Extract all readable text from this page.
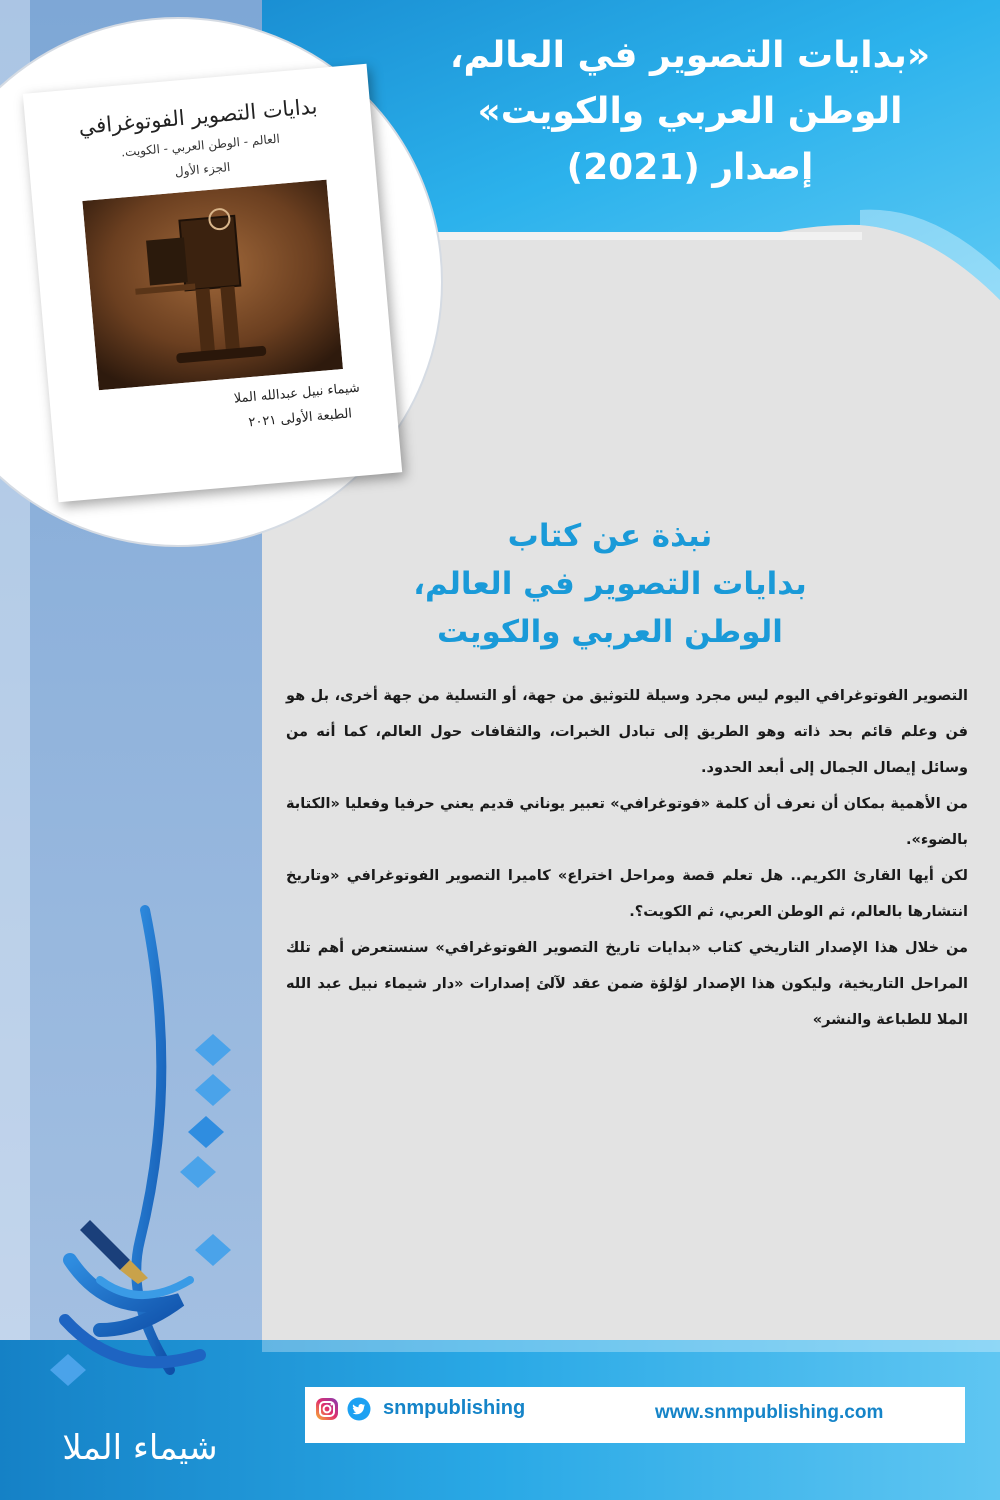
«بدايات التصوير في العالم،
الوطن العربي والكويت»
إصدار (2021)
بدايات التصوير الفوتوغرافي
العالم - الوطن العربي - الكويت.
الجزء الأول
شيماء نبيل عبدالله الملا
الطبعة الأولى ٢٠٢١
نبذة عن كتاب
بدايات التصوير في العالم،
الوطن العربي والكويت

التصوير الفوتوغرافي اليوم ليس مجرد وسيلة للتوثيق من جهة، أو التسلية من جهة أخرى، بل هو فن وعلم قائم بحد ذاته وهو الطريق إلى تبادل الخبرات، والثقافات حول العالم، كما أنه من وسائل إيصال الجمال إلى أبعد الحدود.

من الأهمية بمكان أن نعرف أن كلمة «فوتوغرافي» تعبير يوناني قديم يعني حرفيا وفعليا «الكتابة بالضوء».

لكن أيها القارئ الكريم.. هل تعلم قصة ومراحل اختراع» كاميرا التصوير الفوتوغرافي «وتاريخ انتشارها بالعالم، ثم الوطن العربي، ثم الكويت؟.

من خلال هذا الإصدار التاريخي كتاب «بدايات تاريخ التصوير الفوتوغرافي» سنستعرض أهم تلك المراحل التاريخية، وليكون هذا الإصدار لؤلؤة ضمن عقد لآلئ إصدارات «دار شيماء نبيل عبد الله الملا للطباعة والنشر»

شيماء الملا
snmpublishing	www.snmpublishing.com
